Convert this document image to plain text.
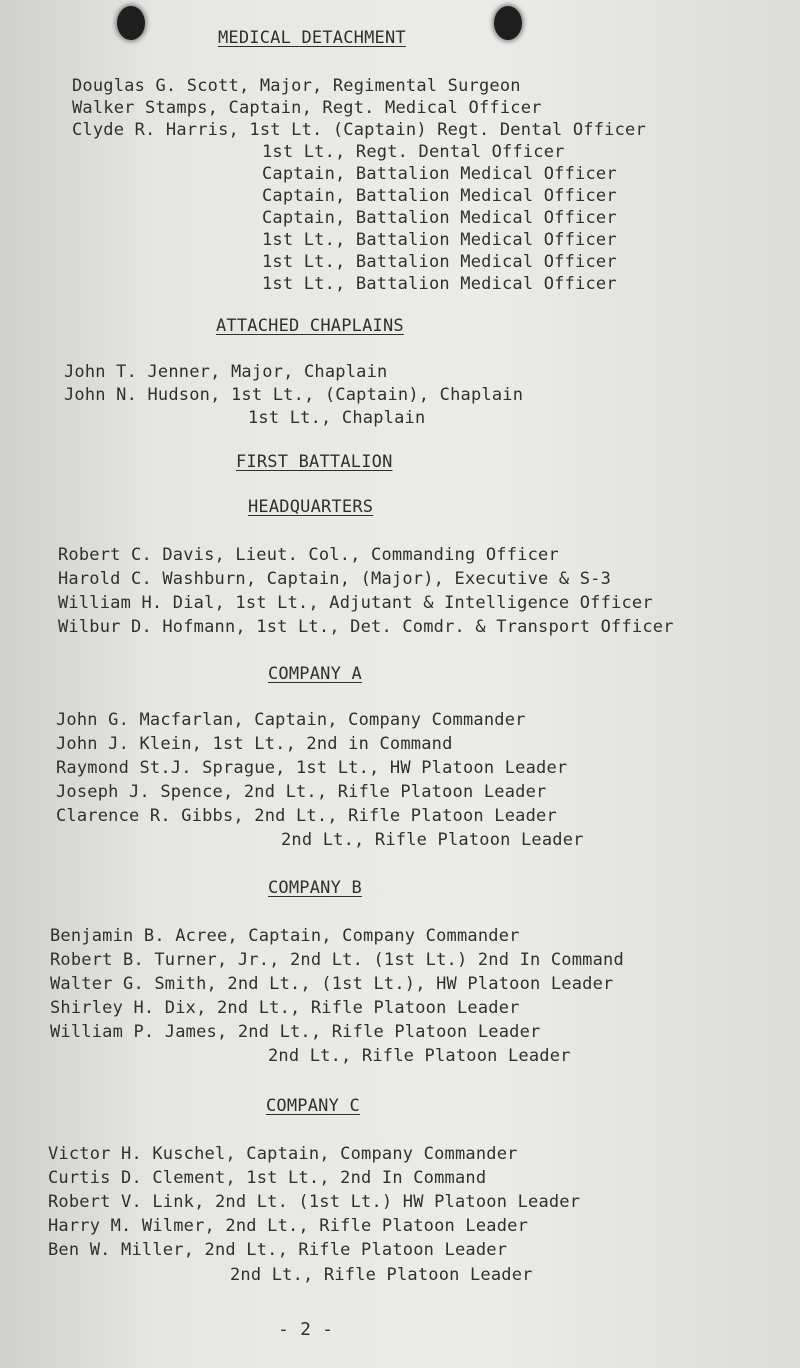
MEDICAL DETACHMENT
Douglas G. Scott, Major, Regimental Surgeon
Walker Stamps, Captain, Regt. Medical Officer
Clyde R. Harris, 1st Lt. (Captain) Regt. Dental Officer
1st Lt., Regt. Dental Officer
Captain, Battalion Medical Officer
Captain, Battalion Medical Officer
Captain, Battalion Medical Officer
1st Lt., Battalion Medical Officer
1st Lt., Battalion Medical Officer
1st Lt., Battalion Medical Officer
ATTACHED CHAPLAINS
John T. Jenner, Major, Chaplain
John N. Hudson, 1st Lt., (Captain), Chaplain
1st Lt., Chaplain
FIRST BATTALION
HEADQUARTERS
Robert C. Davis, Lieut. Col., Commanding Officer
Harold C. Washburn, Captain, (Major), Executive & S-3
William H. Dial, 1st Lt., Adjutant & Intelligence Officer
Wilbur D. Hofmann, 1st Lt., Det. Comdr. & Transport Officer
COMPANY A
John G. Macfarlan, Captain, Company Commander
John J. Klein, 1st Lt., 2nd in Command
Raymond St.J. Sprague, 1st Lt., HW Platoon Leader
Joseph J. Spence, 2nd Lt., Rifle Platoon Leader
Clarence R. Gibbs, 2nd Lt., Rifle Platoon Leader
2nd Lt., Rifle Platoon Leader
COMPANY B
Benjamin B. Acree, Captain, Company Commander
Robert B. Turner, Jr., 2nd Lt. (1st Lt.) 2nd In Command
Walter G. Smith, 2nd Lt., (1st Lt.), HW Platoon Leader
Shirley H. Dix, 2nd Lt., Rifle Platoon Leader
William P. James, 2nd Lt., Rifle Platoon Leader
2nd Lt., Rifle Platoon Leader
COMPANY C
Victor H. Kuschel, Captain, Company Commander
Curtis D. Clement, 1st Lt., 2nd In Command
Robert V. Link, 2nd Lt. (1st Lt.) HW Platoon Leader
Harry M. Wilmer, 2nd Lt., Rifle Platoon Leader
Ben W. Miller, 2nd Lt., Rifle Platoon Leader
2nd Lt., Rifle Platoon Leader
- 2 -
